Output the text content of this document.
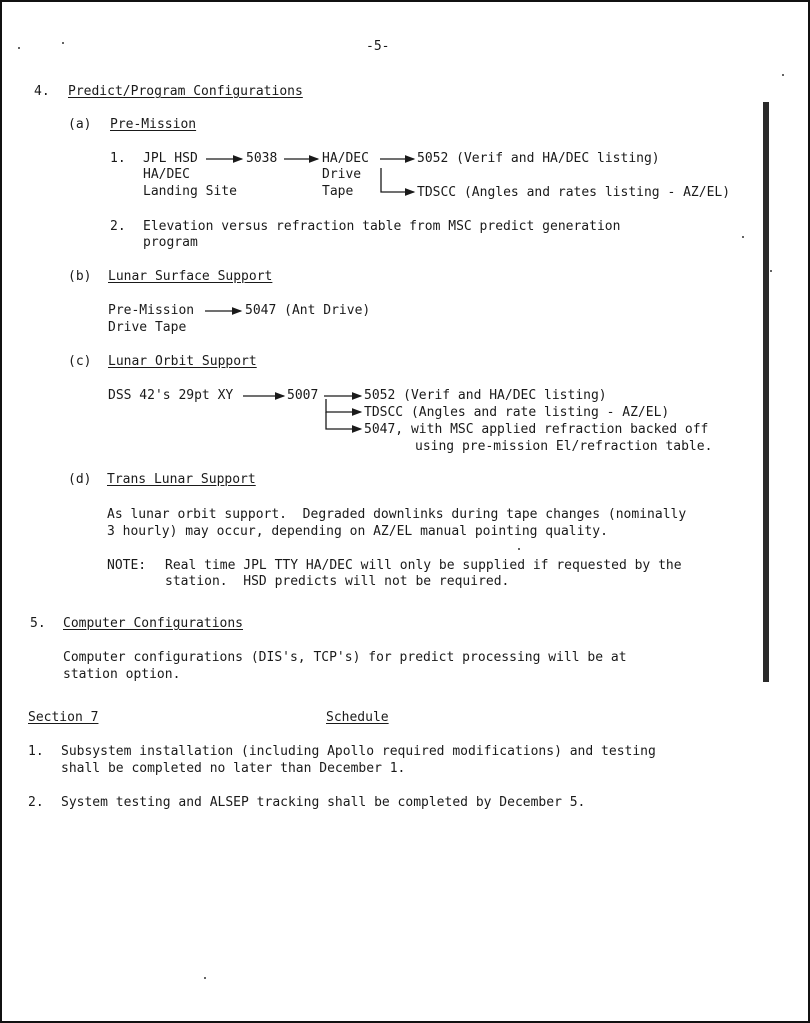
-5-
4. Predict/Program Configurations
(a) Pre-Mission
1. JPL HSD
HA/DEC
Landing Site
5038	HA/DEC
Drive
Tape
5052 (Verif and HA/DEC listing)
TDSCC (Angles and rates listing - AZ/EL)
2. Elevation versus refraction table from MSC predict generation
program
(b) Lunar Surface Support
Pre-Mission
Drive Tape
5047 (Ant Drive)
(c) Lunar Orbit Support
DSS 42's 29pt XY	5007	5052 (Verif and HA/DEC listing)
TDSCC (Angles and rate listing - AZ/EL)
5047, with MSC applied refraction backed off
using pre-mission El/refraction table.
(d) Trans Lunar Support
As lunar orbit support.  Degraded downlinks during tape changes (nominally
3 hourly) may occur, depending on AZ/EL manual pointing quality.
NOTE: Real time JPL TTY HA/DEC will only be supplied if requested by the
station.  HSD predicts will not be required.
5. Computer Configurations
Computer configurations (DIS's, TCP's) for predict processing will be at
station option.
Section 7	Schedule
1. Subsystem installation (including Apollo required modifications) and testing
shall be completed no later than December 1.
2. System testing and ALSEP tracking shall be completed by December 5.
